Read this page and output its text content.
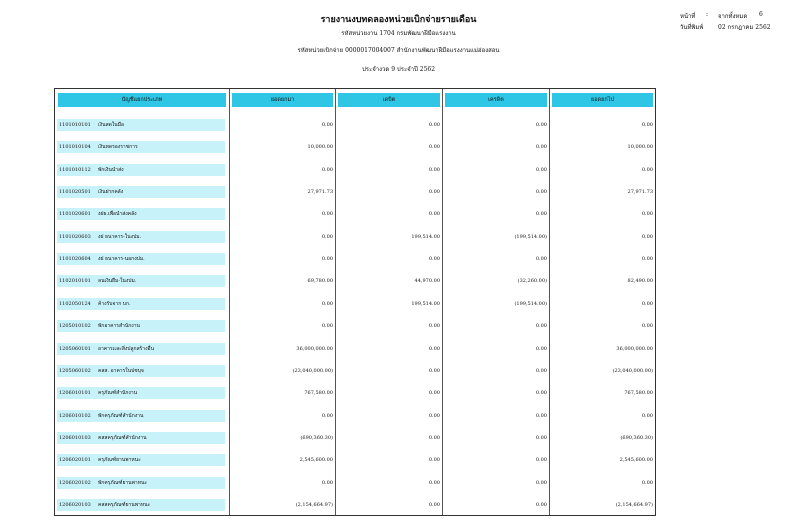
รายงานงบทดลองหน่วยเบิกจ่ายรายเดือน
รหัสหน่วยงาน 1704 กรมพัฒนาฝีมือแรงงาน
รหัสหน่วยเบิกจ่าย 0000017004007 สำนักงานพัฒนาฝีมือแรงงานแม่ฮ่องสอน
ประจำงวด 9 ประจำปี 2562
หน้าที่ : จากทั้งหมด 6
วันที่พิมพ์ 02 กรกฎาคม 2562
บัญชีแยกประเภท	ยอดยกมา	เดบิต	เครดิต	ยอดยกไป
1101010101	เงินสดในมือ	0.00	0.00	0.00	0.00
1101010104	เงินทดรองราชการ	10,000.00	0.00	0.00	10,000.00
1101010112	พักเงินนำส่ง	0.00	0.00	0.00	0.00
1101020501	เงินฝากคลัง	27,971.73	0.00	0.00	27,971.73
1101020601	งฝธ.เพื่อนำส่งคลัง	0.00	0.00	0.00	0.00
1101020603	งฝ ธนาคาร-ในงปม.	0.00	199,514.00	(199,514.00)	0.00
1101020604	งฝ ธนาคาร-นอกงปม.	0.00	0.00	0.00	0.00
1102010101	ลนเงินยืม-ในงปม.	69,780.00	44,970.00	(32,260.00)	82,490.00
1102050124	ค้างรับจาก บก.	0.00	199,514.00	(199,514.00)	0.00
1205010102	พักอาคารสำนักงาน	0.00	0.00	0.00	0.00
1205060101	อาคารเเละสิ่งปลูกสร้างอื่น	36,000,000.00	0.00	0.00	36,000,000.00
1205060102	คสส. อาคารในปชบุจ	(23,040,000.00)	0.00	0.00	(23,040,000.00)
1206010101	ครุภัณฑ์สำนักงาน	767,580.00	0.00	0.00	767,580.00
1206010102	พักครุภัณฑ์สำนักงาน	0.00	0.00	0.00	0.00
1206010103	คสสครุภัณฑ์สำนักงาน	(690,360.30)	0.00	0.00	(690,360.30)
1206020101	ครุภัณฑ์ยานพาหนะ	2,545,600.00	0.00	0.00	2,545,600.00
1206020102	พักครุภัณฑ์ยานพาหนะ	0.00	0.00	0.00	0.00
1206020103	คสสครุภัณฑ์ยานพาหนะ	(2,154,664.97)	0.00	0.00	(2,154,664.97)
